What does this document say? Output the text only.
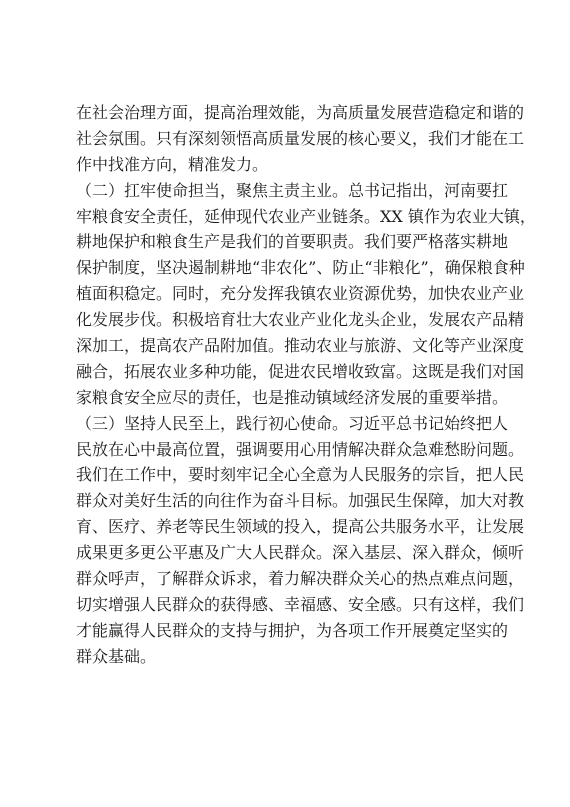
在社会治理方面，提高治理效能，为高质量发展营造稳定和谐的
社会氛围。只有深刻领悟高质量发展的核心要义，我们才能在工
作中找准方向，精准发力。
（二）扛牢使命担当，聚焦主责主业。总书记指出，河南要扛
牢粮食安全责任，延伸现代农业产业链条。XX 镇作为农业大镇，
耕地保护和粮食生产是我们的首要职责。我们要严格落实耕地
保护制度，坚决遏制耕地“非农化”、防止“非粮化”，确保粮食种
植面积稳定。同时，充分发挥我镇农业资源优势，加快农业产业
化发展步伐。积极培育壮大农业产业化龙头企业，发展农产品精
深加工，提高农产品附加值。推动农业与旅游、文化等产业深度
融合，拓展农业多种功能，促进农民增收致富。这既是我们对国
家粮食安全应尽的责任，也是推动镇域经济发展的重要举措。
（三）坚持人民至上，践行初心使命。习近平总书记始终把人
民放在心中最高位置，强调要用心用情解决群众急难愁盼问题。
我们在工作中，要时刻牢记全心全意为人民服务的宗旨，把人民
群众对美好生活的向往作为奋斗目标。加强民生保障，加大对教
育、医疗、养老等民生领域的投入，提高公共服务水平，让发展
成果更多更公平惠及广大人民群众。深入基层、深入群众，倾听
群众呼声，了解群众诉求，着力解决群众关心的热点难点问题，
切实增强人民群众的获得感、幸福感、安全感。只有这样，我们
才能赢得人民群众的支持与拥护，为各项工作开展奠定坚实的
群众基础。
